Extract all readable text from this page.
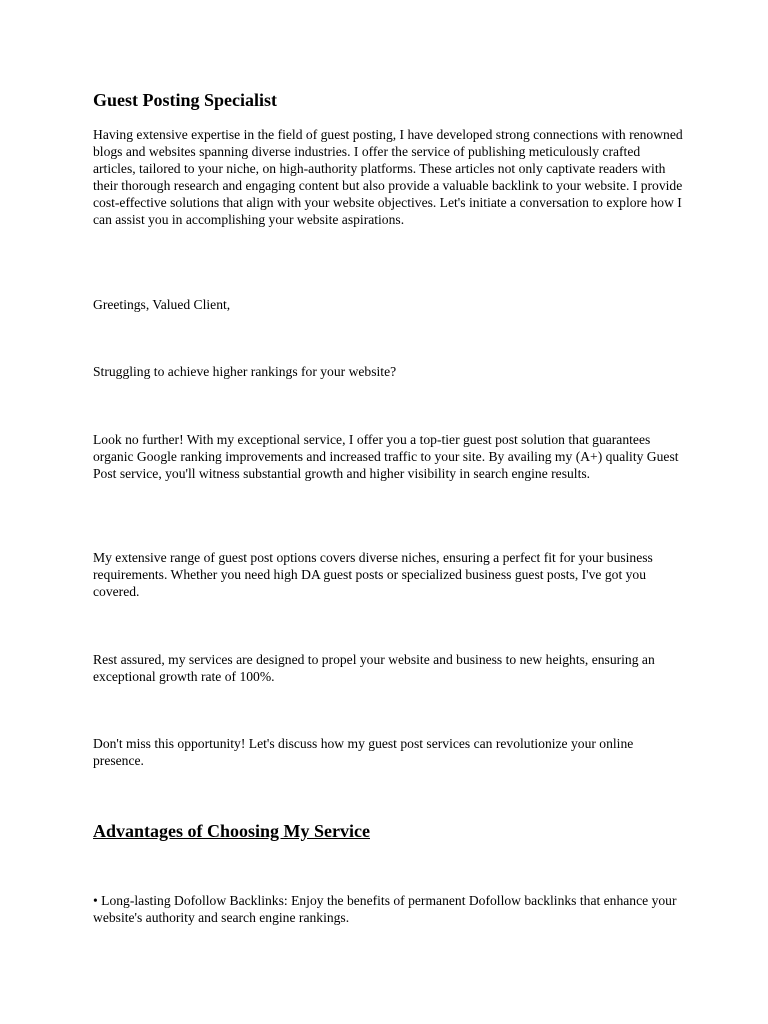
Guest Posting Specialist

Having extensive expertise in the field of guest posting, I have developed strong connections with renowned blogs and websites spanning diverse industries. I offer the service of publishing meticulously crafted articles, tailored to your niche, on high-authority platforms. These articles not only captivate readers with their thorough research and engaging content but also provide a valuable backlink to your website. I provide cost-effective solutions that align with your website objectives. Let's initiate a conversation to explore how I can assist you in accomplishing your website aspirations.

Greetings, Valued Client,

Struggling to achieve higher rankings for your website?

Look no further! With my exceptional service, I offer you a top-tier guest post solution that guarantees organic Google ranking improvements and increased traffic to your site. By availing my (A+) quality Guest Post service, you'll witness substantial growth and higher visibility in search engine results.

My extensive range of guest post options covers diverse niches, ensuring a perfect fit for your business requirements. Whether you need high DA guest posts or specialized business guest posts, I've got you covered.

Rest assured, my services are designed to propel your website and business to new heights, ensuring an exceptional growth rate of 100%.

Don't miss this opportunity! Let's discuss how my guest post services can revolutionize your online presence.

Advantages of Choosing My Service

• Long-lasting Dofollow Backlinks: Enjoy the benefits of permanent Dofollow backlinks that enhance your website's authority and search engine rankings.
